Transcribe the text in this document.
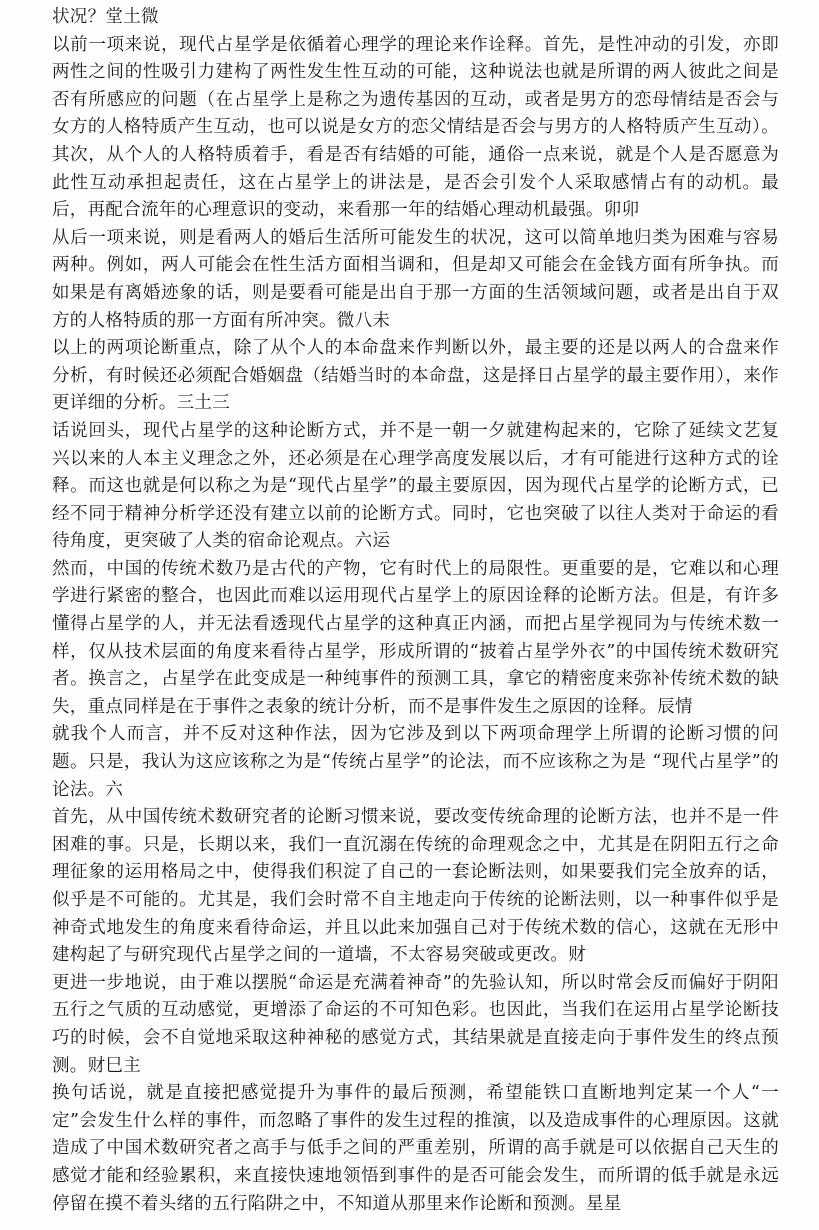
状况？堂土微

以前一项来说，现代占星学是依循着心理学的理论来作诠释。首先，是性冲动的引发，亦即两性之间的性吸引力建构了两性发生性互动的可能，这种说法也就是所谓的两人彼此之间是否有所感应的问题（在占星学上是称之为遗传基因的互动，或者是男方的恋母情结是否会与女方的人格特质产生互动，也可以说是女方的恋父情结是否会与男方的人格特质产生互动）。其次，从个人的人格特质着手，看是否有结婚的可能，通俗一点来说，就是个人是否愿意为此性互动承担起责任，这在占星学上的讲法是，是否会引发个人采取感情占有的动机。最后，再配合流年的心理意识的变动，来看那一年的结婚心理动机最强。卯卯

从后一项来说，则是看两人的婚后生活所可能发生的状况，这可以简单地归类为困难与容易两种。例如，两人可能会在性生活方面相当调和，但是却又可能会在金钱方面有所争执。而如果是有离婚迹象的话，则是要看可能是出自于那一方面的生活领域问题，或者是出自于双方的人格特质的那一方面有所冲突。微八未

以上的两项论断重点，除了从个人的本命盘来作判断以外，最主要的还是以两人的合盘来作分析，有时候还必须配合婚姻盘（结婚当时的本命盘，这是择日占星学的最主要作用），来作更详细的分析。三土三

话说回头，现代占星学的这种论断方式，并不是一朝一夕就建构起来的，它除了延续文艺复兴以来的人本主义理念之外，还必须是在心理学高度发展以后，才有可能进行这种方式的诠释。而这也就是何以称之为是“现代占星学”的最主要原因，因为现代占星学的论断方式，已经不同于精神分析学还没有建立以前的论断方式。同时，它也突破了以往人类对于命运的看待角度，更突破了人类的宿命论观点。六运

然而，中国的传统术数乃是古代的产物，它有时代上的局限性。更重要的是，它难以和心理学进行紧密的整合，也因此而难以运用现代占星学上的原因诠释的论断方法。但是，有许多懂得占星学的人，并无法看透现代占星学的这种真正内涵，而把占星学视同为与传统术数一样，仅从技术层面的角度来看待占星学，形成所谓的“披着占星学外衣”的中国传统术数研究者。换言之，占星学在此变成是一种纯事件的预测工具，拿它的精密度来弥补传统术数的缺失，重点同样是在于事件之表象的统计分析，而不是事件发生之原因的诠释。辰情

就我个人而言，并不反对这种作法，因为它涉及到以下两项命理学上所谓的论断习惯的问题。只是，我认为这应该称之为是“传统占星学”的论法，而不应该称之为是 “现代占星学”的论法。六

首先，从中国传统术数研究者的论断习惯来说，要改变传统命理的论断方法，也并不是一件困难的事。只是，长期以来，我们一直沉溺在传统的命理观念之中，尤其是在阴阳五行之命理征象的运用格局之中，使得我们积淀了自己的一套论断法则，如果要我们完全放弃的话，似乎是不可能的。尤其是，我们会时常不自主地走向于传统的论断法则，以一种事件似乎是神奇式地发生的角度来看待命运，并且以此来加强自己对于传统术数的信心，这就在无形中建构起了与研究现代占星学之间的一道墙，不太容易突破或更改。财

更进一步地说，由于难以摆脱“命运是充满着神奇”的先验认知，所以时常会反而偏好于阴阳五行之气质的互动感觉，更增添了命运的不可知色彩。也因此，当我们在运用占星学论断技巧的时候，会不自觉地采取这种神秘的感觉方式，其结果就是直接走向于事件发生的终点预测。财巳主

换句话说，就是直接把感觉提升为事件的最后预测，希望能铁口直断地判定某一个人“一定”会发生什么样的事件，而忽略了事件的发生过程的推演，以及造成事件的心理原因。这就造成了中国术数研究者之高手与低手之间的严重差别，所谓的高手就是可以依据自己天生的感觉才能和经验累积，来直接快速地领悟到事件的是否可能会发生，而所谓的低手就是永远停留在摸不着头绪的五行陷阱之中，不知道从那里来作论断和预测。星星
